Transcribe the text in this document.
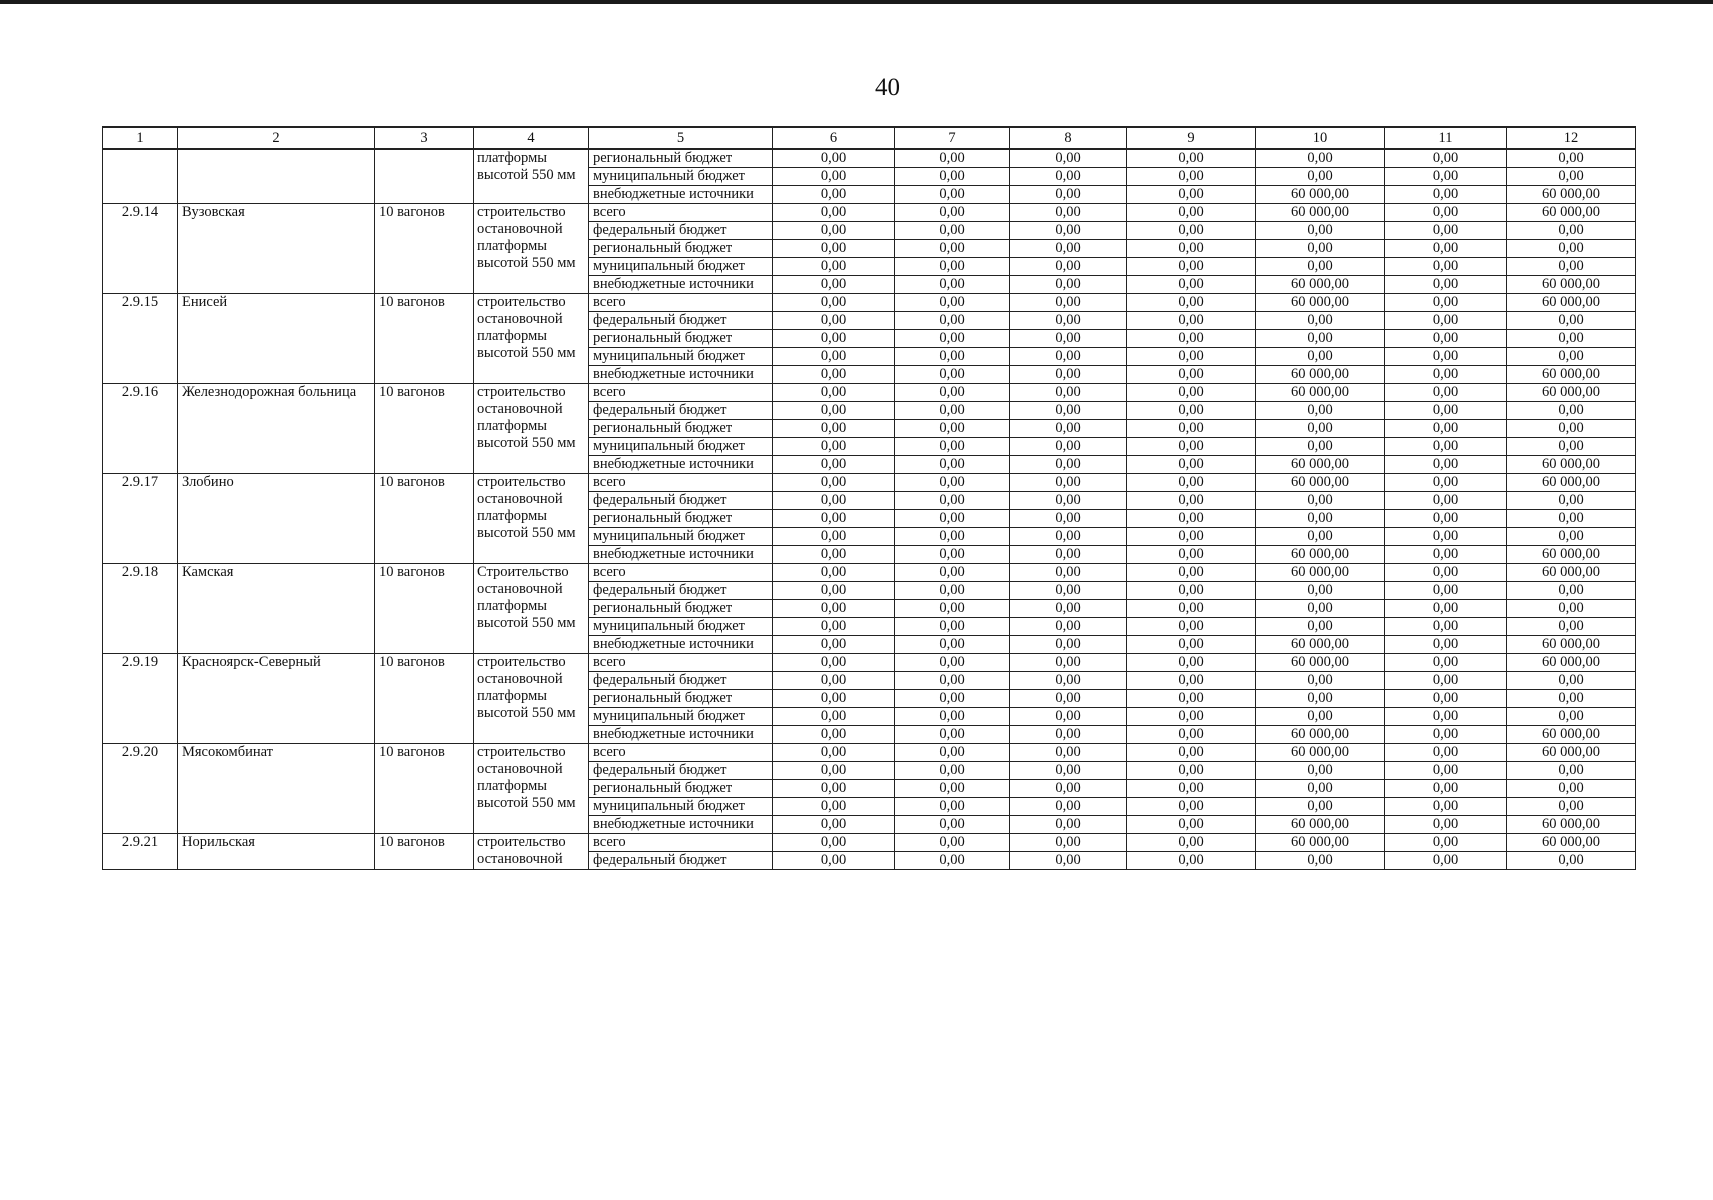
40
1	2	3	4	5	6	7	8	9	10	11	12
			платформы высотой 550 мм	региональный бюджет	0,00	0,00	0,00	0,00	0,00	0,00	0,00
				муниципальный бюджет	0,00	0,00	0,00	0,00	0,00	0,00	0,00
				внебюджетные источники	0,00	0,00	0,00	0,00	60 000,00	0,00	60 000,00
2.9.14	Вузовская	10 вагонов	строительство остановочной платформы высотой 550 мм	всего	0,00	0,00	0,00	0,00	60 000,00	0,00	60 000,00
				федеральный бюджет	0,00	0,00	0,00	0,00	0,00	0,00	0,00
				региональный бюджет	0,00	0,00	0,00	0,00	0,00	0,00	0,00
				муниципальный бюджет	0,00	0,00	0,00	0,00	0,00	0,00	0,00
				внебюджетные источники	0,00	0,00	0,00	0,00	60 000,00	0,00	60 000,00
2.9.15	Енисей	10 вагонов	строительство остановочной платформы высотой 550 мм	всего	0,00	0,00	0,00	0,00	60 000,00	0,00	60 000,00
				федеральный бюджет	0,00	0,00	0,00	0,00	0,00	0,00	0,00
				региональный бюджет	0,00	0,00	0,00	0,00	0,00	0,00	0,00
				муниципальный бюджет	0,00	0,00	0,00	0,00	0,00	0,00	0,00
				внебюджетные источники	0,00	0,00	0,00	0,00	60 000,00	0,00	60 000,00
2.9.16	Железнодорожная больница	10 вагонов	строительство остановочной платформы высотой 550 мм	всего	0,00	0,00	0,00	0,00	60 000,00	0,00	60 000,00
				федеральный бюджет	0,00	0,00	0,00	0,00	0,00	0,00	0,00
				региональный бюджет	0,00	0,00	0,00	0,00	0,00	0,00	0,00
				муниципальный бюджет	0,00	0,00	0,00	0,00	0,00	0,00	0,00
				внебюджетные источники	0,00	0,00	0,00	0,00	60 000,00	0,00	60 000,00
2.9.17	Злобино	10 вагонов	строительство остановочной платформы высотой 550 мм	всего	0,00	0,00	0,00	0,00	60 000,00	0,00	60 000,00
				федеральный бюджет	0,00	0,00	0,00	0,00	0,00	0,00	0,00
				региональный бюджет	0,00	0,00	0,00	0,00	0,00	0,00	0,00
				муниципальный бюджет	0,00	0,00	0,00	0,00	0,00	0,00	0,00
				внебюджетные источники	0,00	0,00	0,00	0,00	60 000,00	0,00	60 000,00
2.9.18	Камская	10 вагонов	Строительство остановочной платформы высотой 550 мм	всего	0,00	0,00	0,00	0,00	60 000,00	0,00	60 000,00
				федеральный бюджет	0,00	0,00	0,00	0,00	0,00	0,00	0,00
				региональный бюджет	0,00	0,00	0,00	0,00	0,00	0,00	0,00
				муниципальный бюджет	0,00	0,00	0,00	0,00	0,00	0,00	0,00
				внебюджетные источники	0,00	0,00	0,00	0,00	60 000,00	0,00	60 000,00
2.9.19	Красноярск-Северный	10 вагонов	строительство остановочной платформы высотой 550 мм	всего	0,00	0,00	0,00	0,00	60 000,00	0,00	60 000,00
				федеральный бюджет	0,00	0,00	0,00	0,00	0,00	0,00	0,00
				региональный бюджет	0,00	0,00	0,00	0,00	0,00	0,00	0,00
				муниципальный бюджет	0,00	0,00	0,00	0,00	0,00	0,00	0,00
				внебюджетные источники	0,00	0,00	0,00	0,00	60 000,00	0,00	60 000,00
2.9.20	Мясокомбинат	10 вагонов	строительство остановочной платформы высотой 550 мм	всего	0,00	0,00	0,00	0,00	60 000,00	0,00	60 000,00
				федеральный бюджет	0,00	0,00	0,00	0,00	0,00	0,00	0,00
				региональный бюджет	0,00	0,00	0,00	0,00	0,00	0,00	0,00
				муниципальный бюджет	0,00	0,00	0,00	0,00	0,00	0,00	0,00
				внебюджетные источники	0,00	0,00	0,00	0,00	60 000,00	0,00	60 000,00
2.9.21	Норильская	10 вагонов	строительство остановочной	всего	0,00	0,00	0,00	0,00	60 000,00	0,00	60 000,00
				федеральный бюджет	0,00	0,00	0,00	0,00	0,00	0,00	0,00
